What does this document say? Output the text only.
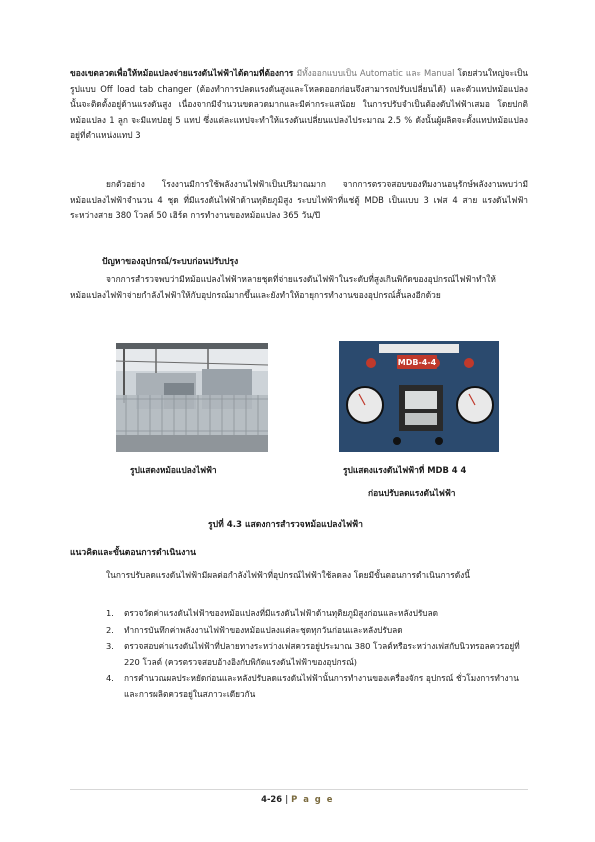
ของเขตลวดเพื่อให้หม้อแปลงจ่ายแรงดันไฟฟ้าได้ตามที่ต้องการ มีทั้งออกแบบเป็น Automatic และ Manual โดยส่วนใหญ่จะเป็นรูปแบบ Off load tab changer (ต้องทำการปลดแรงดันสูงและโหลดออกก่อนจึงสามารถปรับเปลี่ยนได้) และตัวแทปหม้อแปลงนั้นจะติดตั้งอยู่ด้านแรงดันสูง เนื่องจากมีจำนวนขดลวดมากและมีค่ากระแสน้อย ในการปรับจำเป็นต้องดับไฟฟ้าเสมอ โดยปกติหม้อแปลง 1 ลูก จะมีแทปอยู่ 5 แทป ซึ่งแต่ละแทปจะทำให้แรงดันเปลี่ยนแปลงไประมาณ 2.5 % ดังนั้นผู้ผลิตจะตั้งแทปหม้อแปลงอยู่ที่ตำแหน่งแทป 3

ยกตัวอย่าง โรงงานมีการใช้พลังงานไฟฟ้าเป็นปริมาณมาก จากการตรวจสอบของทีมงานอนุรักษ์พลังงานพบว่ามีหม้อแปลงไฟฟ้าจำนวน 4 ชุด ที่มีแรงดันไฟฟ้าด้านทุติยภูมิสูง ระบบไฟฟ้าที่แช่ตู้ MDB เป็นแบบ 3 เฟส 4 สาย แรงดันไฟฟ้าระหว่างสาย 380 โวลต์ 50 เฮิร์ต การทำงานของหม้อแปลง 365 วัน/ปี

ปัญหาของอุปกรณ์/ระบบก่อนปรับปรุง

จากการสำรวจพบว่ามีหม้อแปลงไฟฟ้าหลายชุดที่จ่ายแรงดันไฟฟ้าในระดับที่สูงเกินพิกัดของอุปกรณ์ไฟฟ้าทำให้หม้อแปลงไฟฟ้าจ่ายกำลังไฟฟ้าให้กับอุปกรณ์มากขึ้นและยังทำให้อายุการทำงานของอุปกรณ์สั้นลงอีกด้วย

MDB-4-4
รูปแสดงหม้อแปลงไฟฟ้า	รูปแสดงแรงดันไฟฟ้าที่ MDB 4 4
ก่อนปรับลดแรงดันไฟฟ้า
รูปที่ 4.3 แสดงการสำรวจหม้อแปลงไฟฟ้า
แนวคิดและขั้นตอนการดำเนินงาน

ในการปรับลดแรงดันไฟฟ้ามีผลต่อกำลังไฟฟ้าที่อุปกรณ์ไฟฟ้าใช้ลดลง โดยมีขั้นตอนการดำเนินการดังนี้

1. ตรวจวัดค่าแรงดันไฟฟ้าของหม้อแปลงที่มีแรงดันไฟฟ้าด้านทุติยภูมิสูงก่อนและหลังปรับลด
2. ทำการบันทึกค่าพลังงานไฟฟ้าของหม้อแปลงแต่ละชุดทุกวันก่อนและหลังปรับลด
3. ตรวจสอบค่าแรงดันไฟฟ้าที่ปลายทางระหว่างเฟสควรอยู่ประมาณ 380 โวลต์หรือระหว่างเฟสกับนิวทรอลควรอยู่ที่ 220 โวลต์ (ควรตรวจสอบอ้างอิงกับพิกัดแรงดันไฟฟ้าของอุปกรณ์)
4. การคำนวณผลประหยัดก่อนและหลังปรับลดแรงดันไฟฟ้านั้นการทำงานของเครื่องจักร อุปกรณ์ ชั่วโมงการทำงานและการผลิตควรอยู่ในสภาวะเดียวกัน
4-26 | P a g e
